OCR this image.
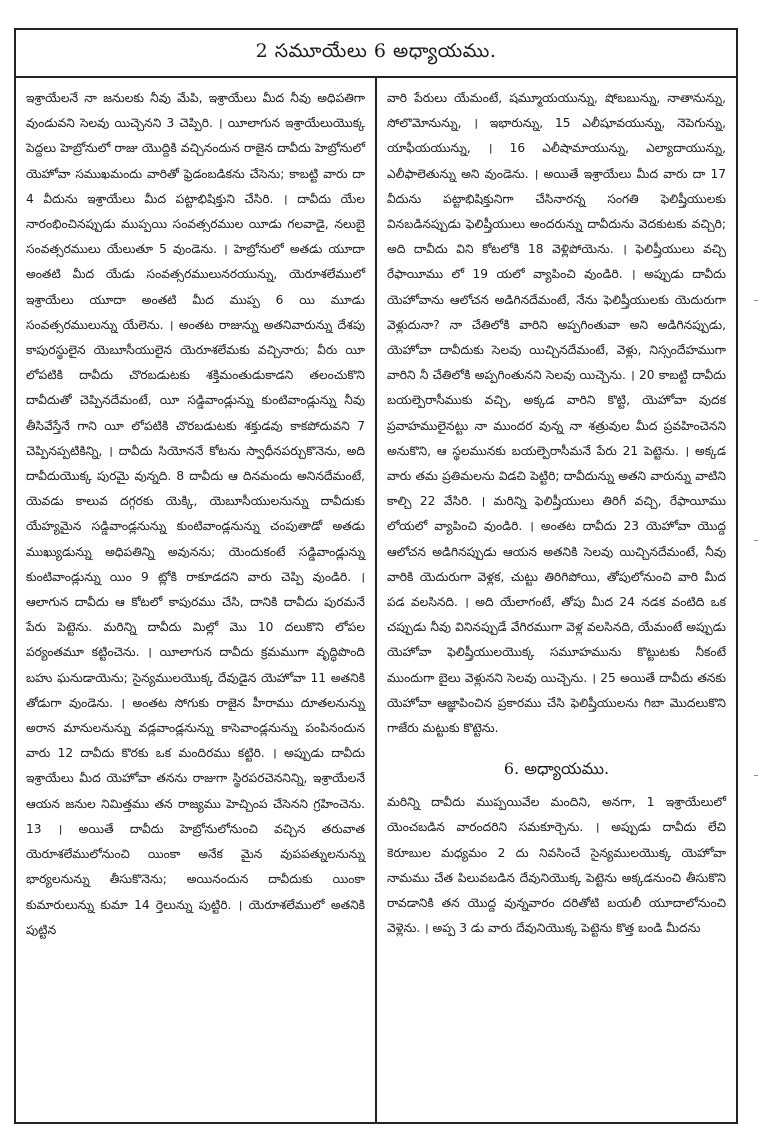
2 సమూయేలు 6 అధ్యాయము.

ఇశ్రాయేలనే నా జనులకు నీవు మేపి, ఇశ్రాయేలు మీద నీవు అధిపతిగా వుండువని సెలవు యిచ్చెనని 3 చెప్పిరి. । యీలాగున ఇశ్రాయేలుయొక్క పెద్దలు హెబ్రోనులో రాజు యొద్దికి వచ్చినందున రాజైన దావీదు హెబ్రోనులో యెహోవా సముఖమందు వారితో ఫ్రెడంబడికను చేసెను; కాబట్టి వారు దా 4 వీదును ఇశ్రాయేలు మీద పట్టాభిషిక్తుని చేసిరి. । దావీదు యేల నారంభించినప్పుడు ముప్పయి సంవత్సరముల యీడు గలవాడై, నలుబై సంవత్సరములు యేలుతూ 5 వుండెను. । హెబ్రోనులో అతడు యూదా అంతటి మీద యేడు సంవత్సరములునరయున్ను, యెరూశలేములో ఇశ్రాయేలు యూదా అంతటి మీద ముప్ప 6 యి మూడు సంవత్సరములున్ను యేలెను. । అంతట రాజున్ను అతనివారున్ను దేశపు కాపురస్థులైన యెబూసీయులైన యెరూశలేమకు వచ్చినారు; వీరు యీ లోపటికి దావీదు చొరబడుటకు శక్తిమంతుడుకాడని తలంచుకొని దావీదుతో చెప్పినదేమంటే, యీ సడ్డివాండ్లున్ను కుంటివాండ్లున్ను నీవు తీసివేస్తేనే గాని యీ లోపటికి చొరబడుటకు శక్తుడవు కాకపోదువని 7 చెప్పినప్పటికిన్ని, । దావీదు సియోననే కోటను స్వాధీనపర్చుకొనెను, అది దావీదుయొక్క పురమై వున్నది. 8 దావీదు ఆ దినమందు అనినదేమంటే, యెవడు కాలువ దగ్గరకు యెక్కి, యెబూసీయులనున్ను దావీదుకు యేహ్యమైన సడ్డివాండ్లనున్ను కుంటివాండ్లనున్ను చంపుతాడో అతడు ముఖ్యుడున్ను అధిపతిన్ని అవునను; యెందుకంటే సడ్డివాండ్లున్ను కుంటివాండ్లున్ను యిం 9 ట్లోకి రాకూడదని వారు చెప్పి వుండిరి. । ఆలాగున దావీదు ఆ కోటలో కాపురము చేసి, దానికి దావీదు పురమనే పేరు పెట్టెను. మరిన్ని దావీదు మిల్లో మొ 10 దలుకొని లోపల పర్యంతమూ కట్టించెను. । యీలాగున దావీదు క్రమముగా వృద్ధిపొంది బహు ఘనుడాయెను; సైన్యములయొక్క దేవుడైన యెహోవా 11 అతనికి తోడుగా వుండెను. । అంతట సోగుకు రాజైన హీరాము దూతలనున్ను అరాన మానులనున్ను వడ్లవాండ్లనున్ను కాసెవాండ్లనున్ను పంపినందున వారు 12 దావీదు కొరకు ఒక మందిరము కట్టిరి. । అప్పుడు దావీదు ఇశ్రాయేలు మీద యెహోవా తనను రాజుగా స్థిరపరచెననిన్ని, ఇశ్రాయేలనే ఆయన జనుల నిమిత్తము తన రాజ్యము హెచ్చింప చేసెనని గ్రహించెను. 13 । అయితే దావీదు హెబ్రోనులోనుంచి వచ్చిన తరువాత యెరూశలేములోనుంచి యింకా అనేక మైన వుపపత్నులనున్ను భార్యలనున్ను తీసుకొనెను; అయినందున దావీదుకు యింకా కుమారులున్ను కుమా 14 ర్తెలున్ను పుట్టిరి. । యెరూశలేములో అతనికి పుట్టిన

వారి పేరులు యేమంటే, షమ్మూయయున్ను, షోబబున్ను, నాతానున్ను, సోలొమోనున్ను, । ఇభారున్ను, 15 ఎలీషూవయున్ను, నెపెగున్ను, యాఫీయయున్ను, । 16 ఎలీషామాయున్ను, ఎల్యాదాయున్ను, ఎలీఫాలెతున్ను అని వుండెను. । అయితే ఇశ్రాయేలు మీద వారు దా 17 వీదును పట్టాభిషిక్తునిగా చేసినారన్న సంగతి ఫెలిష్తీయులకు వినబడినప్పుడు ఫెలిష్తీయులు అందరున్ను దావీదును వెదకుటకు వచ్చిరి; అది దావీదు విని కోటలోకి 18 వెళ్లిపోయెను. । ఫెలిష్తీయులు వచ్చి రేఫాయీము లో 19 యలో వ్యాపించి వుండిరి. । అప్పుడు దావీదు యెహోవాను ఆలోచన అడిగినదేమంటే, నేను ఫెలిష్తీయులకు యెదురుగా వెళ్లుదునా? నా చేతిలోకి వారిని అప్పగింతువా అని అడిగినప్పుడు, యెహోవా దావీదుకు సెలవు యిచ్చినదేమంటే, వెళ్లు, నిస్సందేహముగా వారిని నీ చేతిలోకి అప్పగింతునని సెలవు యిచ్చెను. । 20 కాబట్టి దావీదు బయల్పెరాసీముకు వచ్చి, అక్కడ వారిని కొట్టి, యెహోవా వుదక ప్రవాహములైనట్టు నా ముందర వున్న నా శత్రువుల మీద ప్రవహించెనని అనుకొని, ఆ స్థలమునకు బయల్పెరాసీమనే పేరు 21 పెట్టెను. । అక్కడ వారు తమ ప్రతిమలను విడచి పెట్టిరి; దావీదున్ను అతని వారున్ను వాటిని కాల్చి 22 వేసిరి. । మరిన్ని ఫెలిష్తీయులు తిరిగీ వచ్చి, రేఫాయీము లోయలో వ్యాపించి వుండిరి. । అంతట దావీదు 23 యెహోవా యొద్ద ఆలోచన అడిగినప్పుడు ఆయన అతనికి సెలవు యిచ్చినదేమంటే, నీవు వారికి యెదురుగా వెళ్లక, చుట్టు తిరిగిపోయి, తోపులోనుంచి వారి మీద పడ వలసినది. । అది యేలాగంటే, తోపు మీద 24 నడక వంటిది ఒక చప్పుడు నీవు వినినప్పుడే వేగిరముగా వెళ్ల వలసినది, యేమంటే అప్పుడు యెహోవా ఫెలిష్తీయులయొక్క సమూహమును కొట్టుటకు నీకంటే ముందుగా బైలు వెళ్లునని సెలవు యిచ్చెను. । 25 అయితే దావీదు తనకు యెహోవా ఆజ్ఞాపించిన ప్రకారము చేసి ఫెలిష్తీయులను గిబా మొదలుకొని గాజేరు మట్టుకు కొట్టెను.

6. అధ్యాయము.

మరిన్ని దావీదు ముప్పయివేల మందిని, అనగా, 1 ఇశ్రాయేలులో యెంచబడిన వారందరిని సమకూర్చెను. । అప్పుడు దావీదు లేచి కెరూబుల మధ్యమం 2 దు నివసించే సైన్యములయొక్క యెహోవా నామము చేత పిలువబడిన దేవునియొక్క పెట్టెను అక్కడనుంచి తీసుకొని రావడానికి తన యొద్ద వున్నవారం దరితోటి బయలీ యూదాలోనుంచి వెళ్లెను. । అప్ప 3 డు వారు దేవునియొక్క పెట్టెను కొత్త బండి మీదను
